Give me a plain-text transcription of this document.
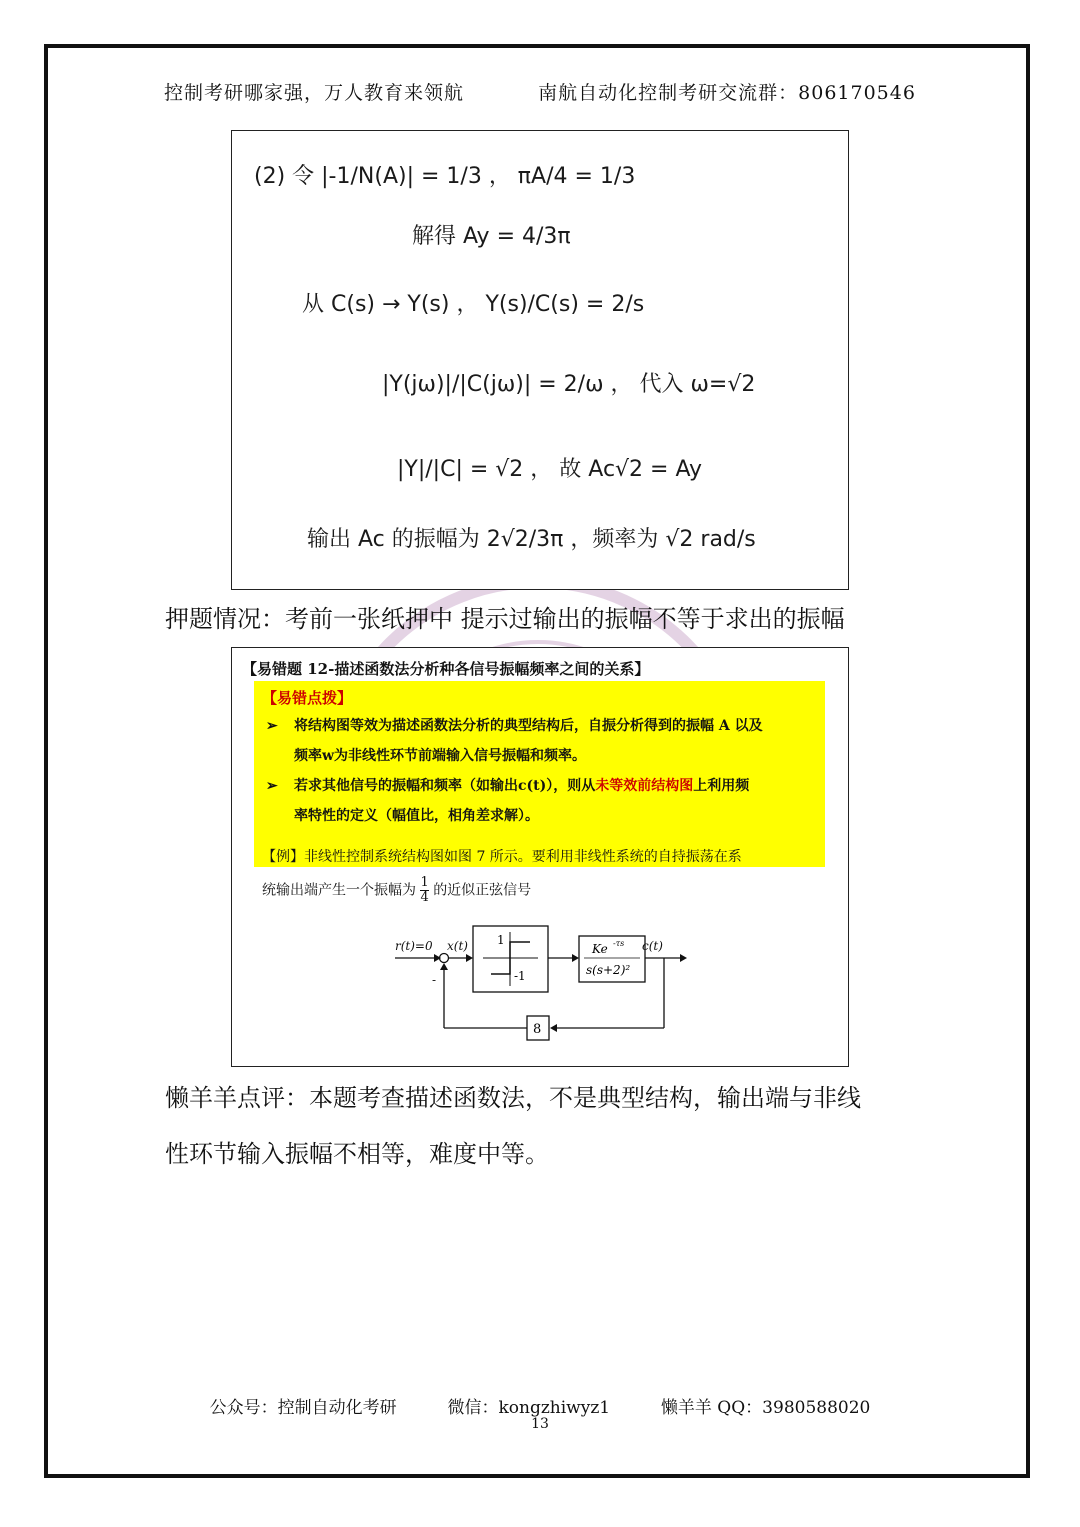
控制考研哪家强，万人教育来领航	南航自动化控制考研交流群：806170546
(2) 令 |-1/N(A)| = 1/3 ， πA/4 = 1/3
解得 Ay = 4/3π
从 C(s) → Y(s) ， Y(s)/C(s) = 2/s
|Y(jω)|/|C(jω)| = 2/ω ， 代入 ω=√2
|Y|/|C| = √2 ， 故 Ac√2 = Ay
输出 Ac 的振幅为 2√2/3π ，频率为 √2 rad/s
押题情况：考前一张纸押中 提示过输出的振幅不等于求出的振幅
【易错题 12-描述函数法分析种各信号振幅频率之间的关系】
【易错点拨】
➢ 将结构图等效为描述函数法分析的典型结构后，自振分析得到的振幅 A 以及
频率w为非线性环节前端输入信号振幅和频率。
➢ 若求其他信号的振幅和频率（如输出c(t)），则从未等效前结构图上利用频
率特性的定义（幅值比，相角差求解）。
【例】非线性控制系统结构图如图 7 所示。要利用非线性系统的自持振荡在系
统输出端产生一个振幅为 $\frac{1}{4}$ 的近似正弦信号
r(t)=0 x(t)
-
c(t)
1
-1
Ke -τs
s(s+2)²
8
懒羊羊点评：本题考查描述函数法，不是典型结构，输出端与非线
性环节输入振幅不相等，难度中等。
公众号：控制自动化考研	微信：kongzhiwyz1	懒羊羊 QQ：3980588020
13
